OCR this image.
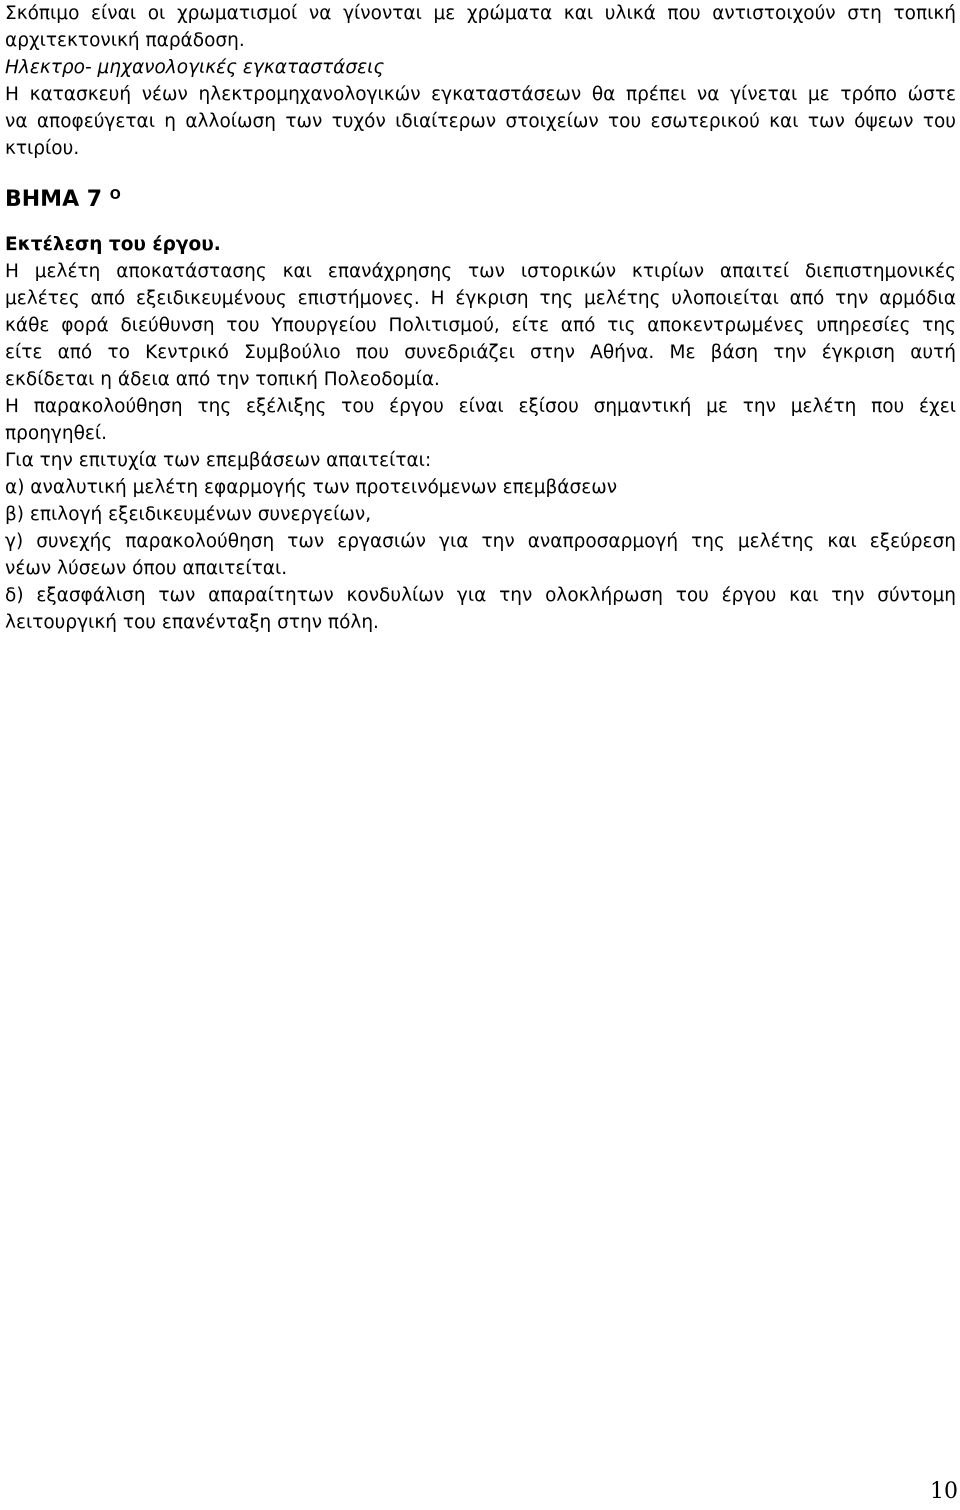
Σκόπιμο είναι οι χρωματισμοί να γίνονται με χρώματα και υλικά που αντιστοιχούν στη τοπική
αρχιτεκτονική παράδοση.
Ηλεκτρο- μηχανολογικές εγκαταστάσεις
Η κατασκευή νέων ηλεκτρομηχανολογικών εγκαταστάσεων θα πρέπει να γίνεται με τρόπο ώστε
να αποφεύγεται η αλλοίωση των τυχόν ιδιαίτερων στοιχείων του εσωτερικού και των όψεων του
κτιρίου.
ΒΗΜΑ 7 $^O$
Εκτέλεση του έργου.
Η μελέτη αποκατάστασης και επανάχρησης των ιστορικών κτιρίων απαιτεί διεπιστημονικές
μελέτες από εξειδικευμένους επιστήμονες. Η έγκριση της μελέτης υλοποιείται από την αρμόδια
κάθε φορά διεύθυνση του Υπουργείου Πολιτισμού, είτε από τις αποκεντρωμένες υπηρεσίες της
είτε από το Κεντρικό Συμβούλιο που συνεδριάζει στην Αθήνα. Με βάση την έγκριση αυτή
εκδίδεται η άδεια από την τοπική Πολεοδομία.
Η παρακολούθηση της εξέλιξης του έργου είναι εξίσου σημαντική με την μελέτη που έχει
προηγηθεί.
Για την επιτυχία των επεμβάσεων απαιτείται:
α) αναλυτική μελέτη εφαρμογής των προτεινόμενων επεμβάσεων
β) επιλογή εξειδικευμένων συνεργείων,
γ) συνεχής παρακολούθηση των εργασιών για την αναπροσαρμογή της μελέτης και εξεύρεση
νέων λύσεων όπου απαιτείται.
δ) εξασφάλιση των απαραίτητων κονδυλίων για την ολοκλήρωση του έργου και την σύντομη
λειτουργική του επανένταξη στην πόλη.
10
